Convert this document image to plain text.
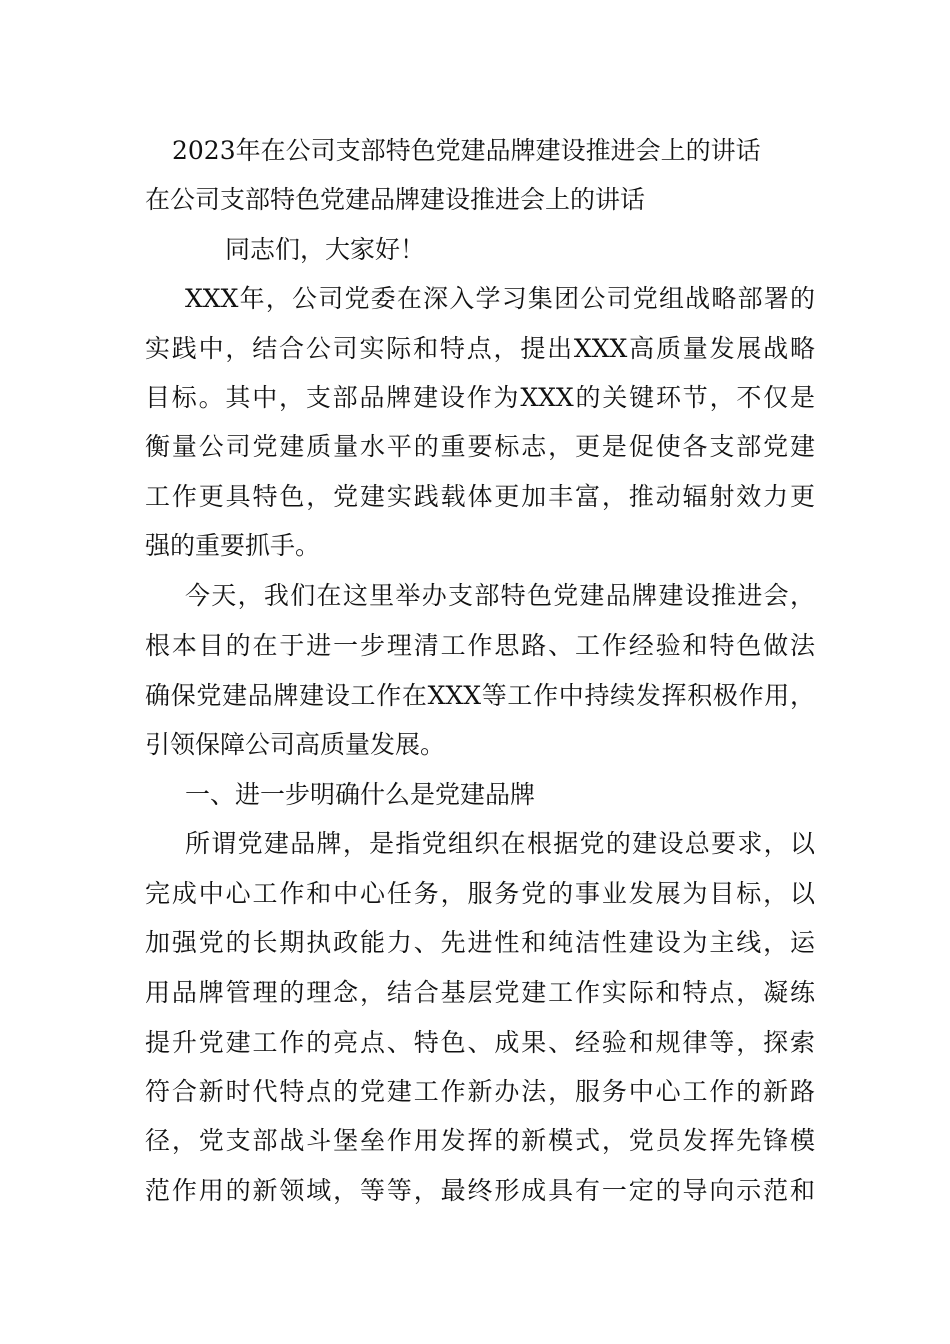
2023年在公司支部特色党建品牌建设推进会上的讲话
在公司支部特色党建品牌建设推进会上的讲话
同志们，大家好！
XXX年，公司党委在深入学习集团公司党组战略部署的
实践中，结合公司实际和特点，提出XXX高质量发展战略
目标。其中，支部品牌建设作为XXX的关键环节，不仅是
衡量公司党建质量水平的重要标志，更是促使各支部党建
工作更具特色，党建实践载体更加丰富，推动辐射效力更
强的重要抓手。
今天，我们在这里举办支部特色党建品牌建设推进会，
根本目的在于进一步理清工作思路、工作经验和特色做法
确保党建品牌建设工作在XXX等工作中持续发挥积极作用，
引领保障公司高质量发展。
一、进一步明确什么是党建品牌
所谓党建品牌，是指党组织在根据党的建设总要求，以
完成中心工作和中心任务，服务党的事业发展为目标，以
加强党的长期执政能力、先进性和纯洁性建设为主线，运
用品牌管理的理念，结合基层党建工作实际和特点，凝练
提升党建工作的亮点、特色、成果、经验和规律等，探索
符合新时代特点的党建工作新办法，服务中心工作的新路
径，党支部战斗堡垒作用发挥的新模式，党员发挥先锋模
范作用的新领域，等等，最终形成具有一定的导向示范和
